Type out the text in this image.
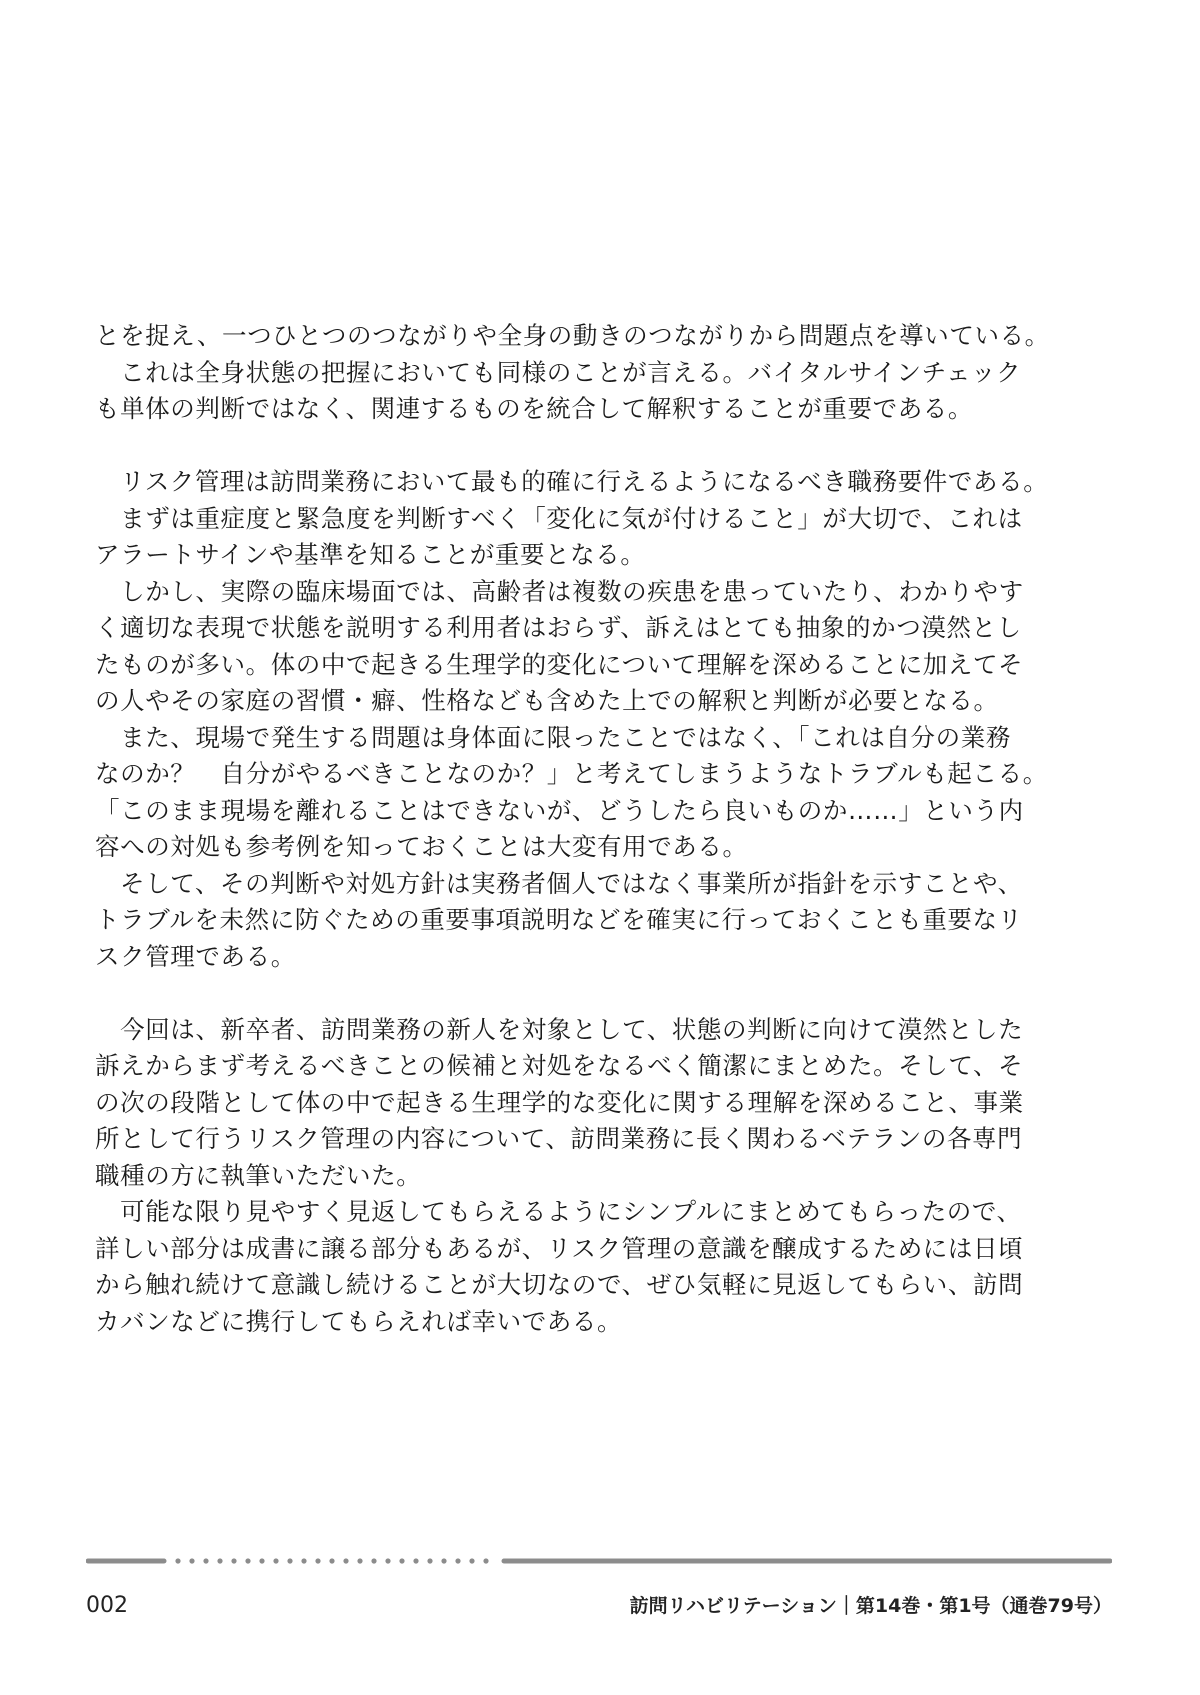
とを捉え、一つひとつのつながりや全身の動きのつながりから問題点を導いている。
　これは全身状態の把握においても同様のことが言える。バイタルサインチェック
も単体の判断ではなく、関連するものを統合して解釈することが重要である。
　リスク管理は訪問業務において最も的確に行えるようになるべき職務要件である。
　まずは重症度と緊急度を判断すべく「変化に気が付けること」が大切で、これは
アラートサインや基準を知ることが重要となる。
　しかし、実際の臨床場面では、高齢者は複数の疾患を患っていたり、わかりやす
く適切な表現で状態を説明する利用者はおらず、訴えはとても抽象的かつ漠然とし
たものが多い。体の中で起きる生理学的変化について理解を深めることに加えてそ
の人やその家庭の習慣・癖、性格なども含めた上での解釈と判断が必要となる。
　また、現場で発生する問題は身体面に限ったことではなく、「これは自分の業務
なのか？　自分がやるべきことなのか？」と考えてしまうようなトラブルも起こる。
「このまま現場を離れることはできないが、どうしたら良いものか……」という内
容への対処も参考例を知っておくことは大変有用である。
　そして、その判断や対処方針は実務者個人ではなく事業所が指針を示すことや、
トラブルを未然に防ぐための重要事項説明などを確実に行っておくことも重要なリ
スク管理である。
　今回は、新卒者、訪問業務の新人を対象として、状態の判断に向けて漠然とした
訴えからまず考えるべきことの候補と対処をなるべく簡潔にまとめた。そして、そ
の次の段階として体の中で起きる生理学的な変化に関する理解を深めること、事業
所として行うリスク管理の内容について、訪問業務に長く関わるベテランの各専門
職種の方に執筆いただいた。
　可能な限り見やすく見返してもらえるようにシンプルにまとめてもらったので、
詳しい部分は成書に譲る部分もあるが、リスク管理の意識を醸成するためには日頃
から触れ続けて意識し続けることが大切なので、ぜひ気軽に見返してもらい、訪問
カバンなどに携行してもらえれば幸いである。
002	訪問リハビリテーション｜第14巻・第1号（通巻79号）
